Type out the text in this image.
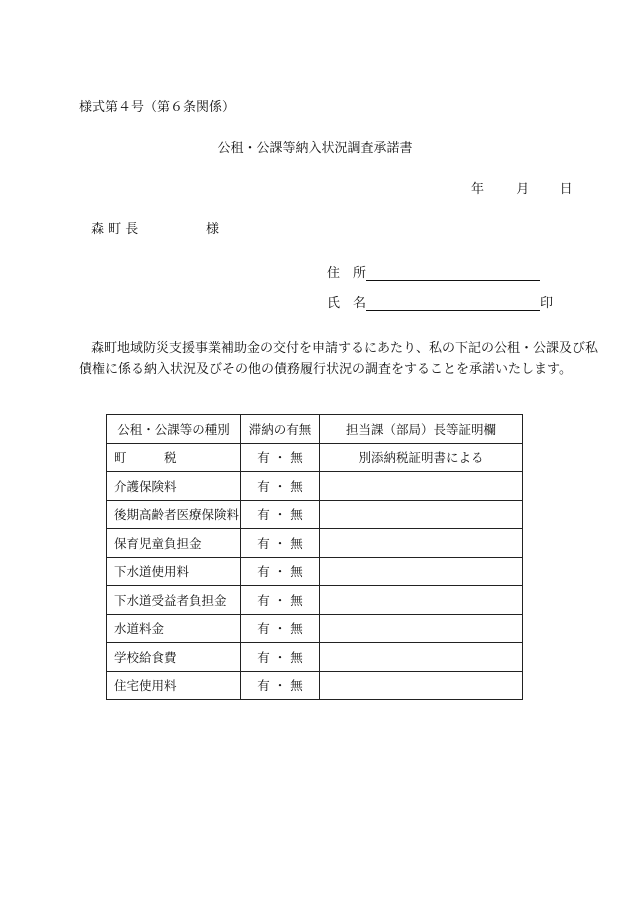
様式第４号（第６条関係）
公租・公課等納入状況調査承諾書
年 月 日
森 町 長	様
住　所
氏　名	印
森町地域防災支援事業補助金の交付を申請するにあたり、私の下記の公租・公課及び私
債権に係る納入状況及びその他の債務履行状況の調査をすることを承諾いたします。
公租・公課等の種別	滞納の有無	担当課（部局）長等証明欄
町　　　税	有 ・ 無	別添納税証明書による
介護保険料	有 ・ 無	
後期高齢者医療保険料	有 ・ 無	
保育児童負担金	有 ・ 無	
下水道使用料	有 ・ 無	
下水道受益者負担金	有 ・ 無	
水道料金	有 ・ 無	
学校給食費	有 ・ 無	
住宅使用料	有 ・ 無	
